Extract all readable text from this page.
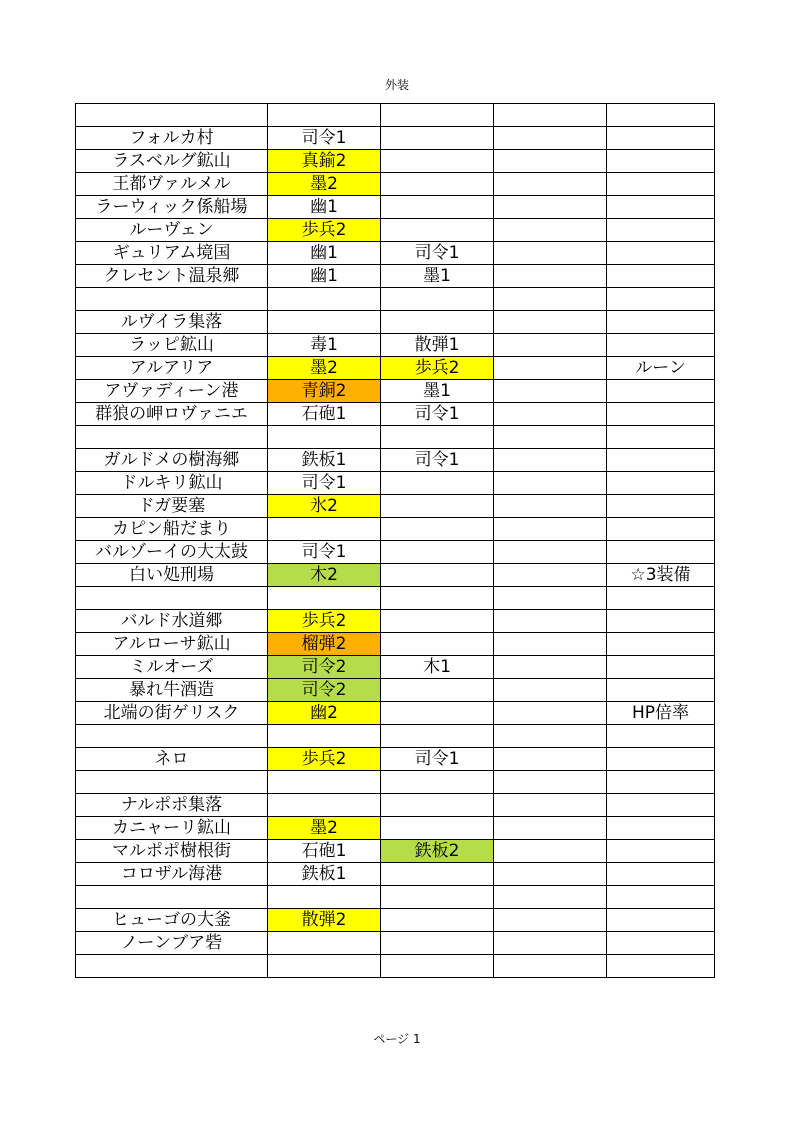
外装

フォルカ村	司令1			
ラスベルグ鉱山	真鍮2			
王都ヴァルメル	墨2			
ラーウィック係船場	幽1			
ルーヴェン	歩兵2			
ギュリアム境国	幽1	司令1		
クレセント温泉郷	幽1	墨1		

ルヴイラ集落				
ラッピ鉱山	毒1	散弾1		
アルアリア	墨2	歩兵2		ルーン
アヴァディーン港	青銅2	墨1		
群狼の岬ロヴァニエ	石砲1	司令1		

ガルドメの樹海郷	鉄板1	司令1		
ドルキリ鉱山	司令1			
ドガ要塞	氷2			
カピン船だまり				
バルゾーイの大太鼓	司令1			
白い処刑場	木2			☆3装備

バルド水道郷	歩兵2			
アルローサ鉱山	榴弾2			
ミルオーズ	司令2	木1		
暴れ牛酒造	司令2			
北端の街ゲリスク	幽2			HP倍率

ネロ	歩兵2	司令1		

ナルポポ集落				
カニャーリ鉱山	墨2			
マルポポ樹根街	石砲1	鉄板2		
コロザル海港	鉄板1			

ヒューゴの大釜	散弾2			
ノーンブア砦				

ページ 1
